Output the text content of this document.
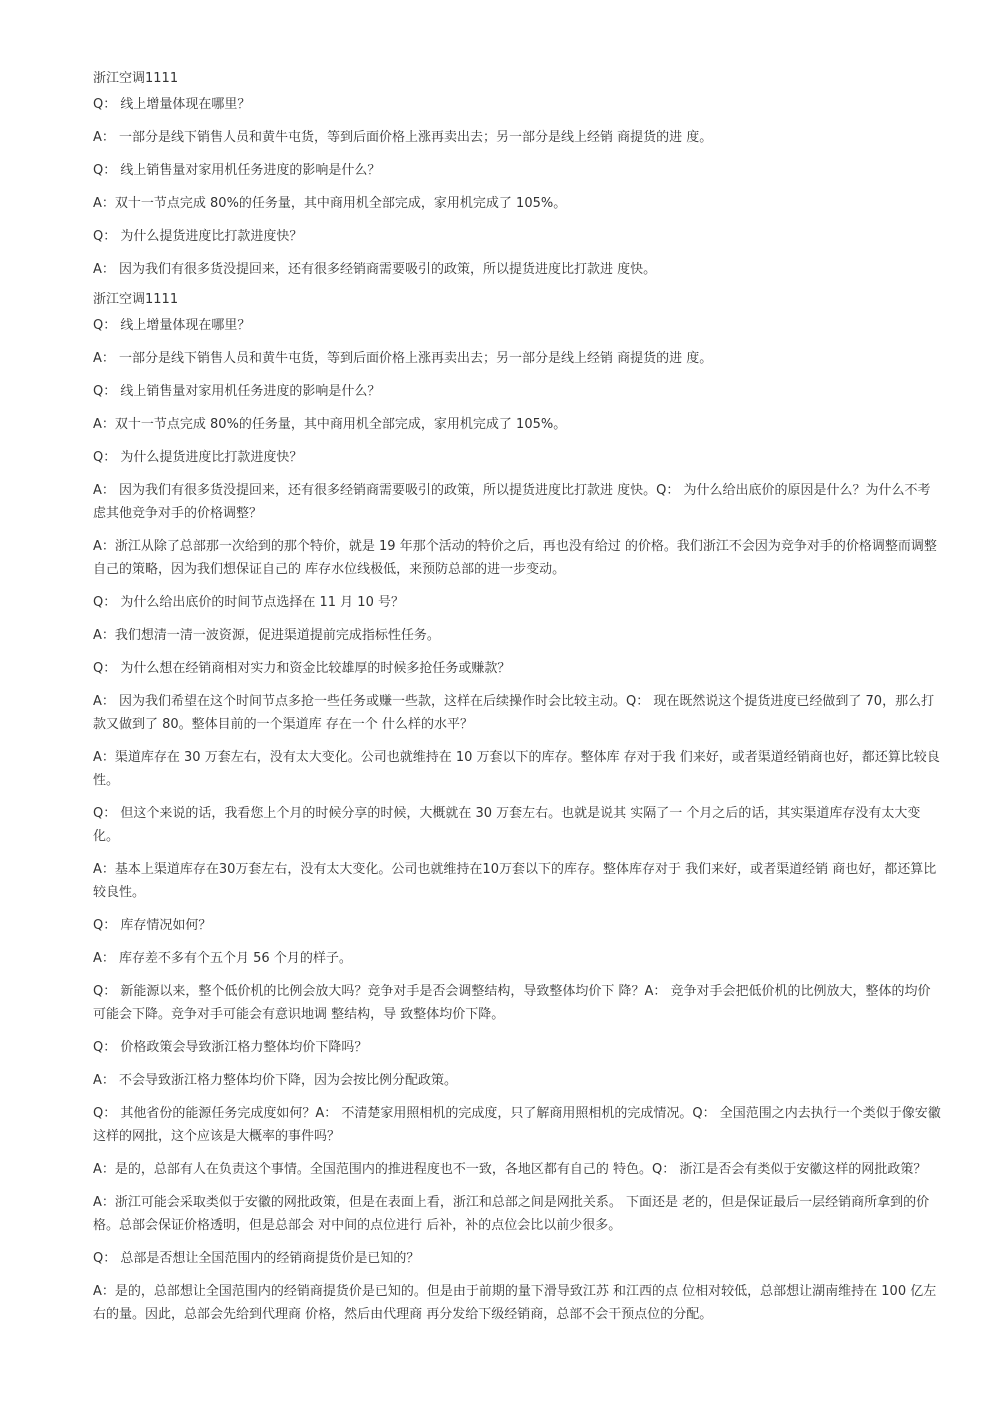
浙江空调1111
Q： 线上增量体现在哪里？
A： 一部分是线下销售人员和黄牛屯货，等到后面价格上涨再卖出去；另一部分是线上经销 商提货的进 度。
Q： 线上销售量对家用机任务进度的影响是什么？
A：双十一节点完成 80%的任务量，其中商用机全部完成，家用机完成了 105%。
Q： 为什么提货进度比打款进度快？
A： 因为我们有很多货没提回来，还有很多经销商需要吸引的政策，所以提货进度比打款进 度快。
浙江空调1111
Q： 线上增量体现在哪里？
A： 一部分是线下销售人员和黄牛屯货，等到后面价格上涨再卖出去；另一部分是线上经销 商提货的进 度。
Q： 线上销售量对家用机任务进度的影响是什么？
A：双十一节点完成 80%的任务量，其中商用机全部完成，家用机完成了 105%。
Q： 为什么提货进度比打款进度快？
A： 因为我们有很多货没提回来，还有很多经销商需要吸引的政策，所以提货进度比打款进 度快。Q： 为什么给出底价的原因是什么？为什么不考虑其他竞争对手的价格调整？
A：浙江从除了总部那一次给到的那个特价，就是 19 年那个活动的特价之后，再也没有给过 的价格。我们浙江不会因为竞争对手的价格调整而调整自己的策略，因为我们想保证自己的 库存水位线极低，来预防总部的进一步变动。
Q： 为什么给出底价的时间节点选择在 11 月 10 号？
A：我们想清一清一波资源，促进渠道提前完成指标性任务。
Q： 为什么想在经销商相对实力和资金比较雄厚的时候多抢任务或赚款？
A： 因为我们希望在这个时间节点多抢一些任务或赚一些款，这样在后续操作时会比较主动。Q： 现在既然说这个提货进度已经做到了 70，那么打款又做到了 80。整体目前的一个渠道库 存在一个 什么样的水平？
A：渠道库存在 30 万套左右，没有太大变化。公司也就维持在 10 万套以下的库存。整体库 存对于我 们来好，或者渠道经销商也好，都还算比较良性。
Q： 但这个来说的话，我看您上个月的时候分享的时候，大概就在 30 万套左右。也就是说其 实隔了一 个月之后的话，其实渠道库存没有太大变化。
A：基本上渠道库存在30万套左右，没有太大变化。公司也就维持在10万套以下的库存。整体库存对于 我们来好，或者渠道经销 商也好，都还算比较良性。
Q： 库存情况如何？
A： 库存差不多有个五个月 56 个月的样子。
Q： 新能源以来，整个低价机的比例会放大吗？竞争对手是否会调整结构，导致整体均价下 降？A： 竞争对手会把低价机的比例放大，整体的均价可能会下降。竞争对手可能会有意识地调 整结构，导 致整体均价下降。
Q： 价格政策会导致浙江格力整体均价下降吗？
A： 不会导致浙江格力整体均价下降，因为会按比例分配政策。
Q： 其他省份的能源任务完成度如何？A： 不清楚家用照相机的完成度，只了解商用照相机的完成情况。Q： 全国范围之内去执行一个类似于像安徽这样的网批，这个应该是大概率的事件吗？
A：是的，总部有人在负责这个事情。全国范围内的推进程度也不一致，各地区都有自己的 特色。Q： 浙江是否会有类似于安徽这样的网批政策？
A：浙江可能会采取类似于安徽的网批政策，但是在表面上看，浙江和总部之间是网批关系。 下面还是 老的，但是保证最后一层经销商所拿到的价格。总部会保证价格透明，但是总部会 对中间的点位进行 后补，补的点位会比以前少很多。
Q： 总部是否想让全国范围内的经销商提货价是已知的？
A：是的，总部想让全国范围内的经销商提货价是已知的。但是由于前期的量下滑导致江苏 和江西的点 位相对较低，总部想让湖南维持在 100 亿左右的量。因此，总部会先给到代理商 价格，然后由代理商 再分发给下级经销商，总部不会干预点位的分配。
